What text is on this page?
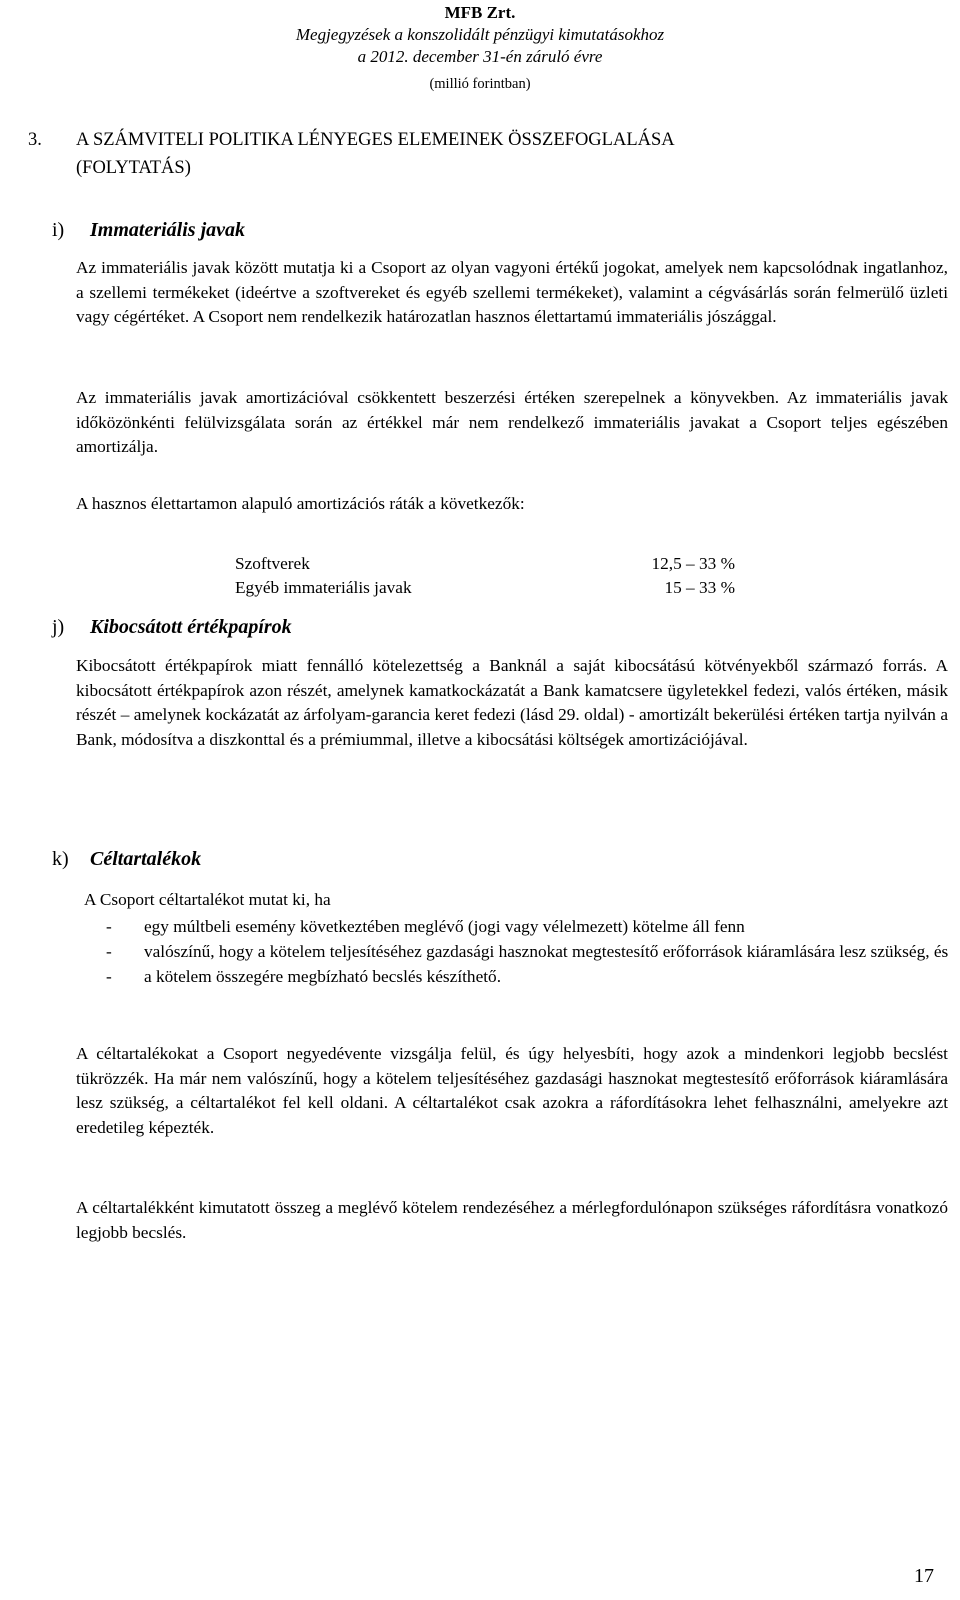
MFB Zrt.
Megjegyzések a konszolidált pénzügyi kimutatásokhoz
a 2012. december 31-én záruló évre
(millió forintban)
3.	A SZÁMVITELI POLITIKA LÉNYEGES ELEMEINEK ÖSSZEFOGLALÁSA
(FOLYTATÁS)
i) Immateriális javak

Az immateriális javak között mutatja ki a Csoport az olyan vagyoni értékű jogokat, amelyek nem kapcsolódnak ingatlanhoz, a szellemi termékeket (ideértve a szoftvereket és egyéb szellemi termékeket), valamint a cégvásárlás során felmerülő üzleti vagy cégértéket. A Csoport nem rendelkezik határozatlan hasznos élettartamú immateriális jószággal.

Az immateriális javak amortizációval csökkentett beszerzési értéken szerepelnek a könyvekben. Az immateriális javak időközönkénti felülvizsgálata során az értékkel már nem rendelkező immateriális javakat a Csoport teljes egészében amortizálja.

A hasznos élettartamon alapuló amortizációs ráták a következők:

Szoftverek	12,5 – 33 %
Egyéb immateriális javak	15 – 33 %
j) Kibocsátott értékpapírok

Kibocsátott értékpapírok miatt fennálló kötelezettség a Banknál a saját kibocsátású kötvényekből származó forrás. A kibocsátott értékpapírok azon részét, amelynek kamatkockázatát a Bank kamatcsere ügyletekkel fedezi, valós értéken, másik részét – amelynek kockázatát az árfolyam-garancia keret fedezi (lásd 29. oldal) - amortizált bekerülési értéken tartja nyilván a Bank, módosítva a diszkonttal és a prémiummal, illetve a kibocsátási költségek amortizációjával.

k) Céltartalékok
A Csoport céltartalékot mutat ki, ha
- egy múltbeli esemény következtében meglévő (jogi vagy vélelmezett) kötelme áll fenn
- valószínű, hogy a kötelem teljesítéséhez gazdasági hasznokat megtestesítő erőforrások kiáramlására lesz szükség, és
- a kötelem összegére megbízható becslés készíthető.

A céltartalékokat a Csoport negyedévente vizsgálja felül, és úgy helyesbíti, hogy azok a mindenkori legjobb becslést tükrözzék. Ha már nem valószínű, hogy a kötelem teljesítéséhez gazdasági hasznokat megtestesítő erőforrások kiáramlására lesz szükség, a céltartalékot fel kell oldani. A céltartalékot csak azokra a ráfordításokra lehet felhasználni, amelyekre azt eredetileg képezték.

A céltartalékként kimutatott összeg a meglévő kötelem rendezéséhez a mérlegfordulónapon szükséges ráfordításra vonatkozó legjobb becslés.

17
